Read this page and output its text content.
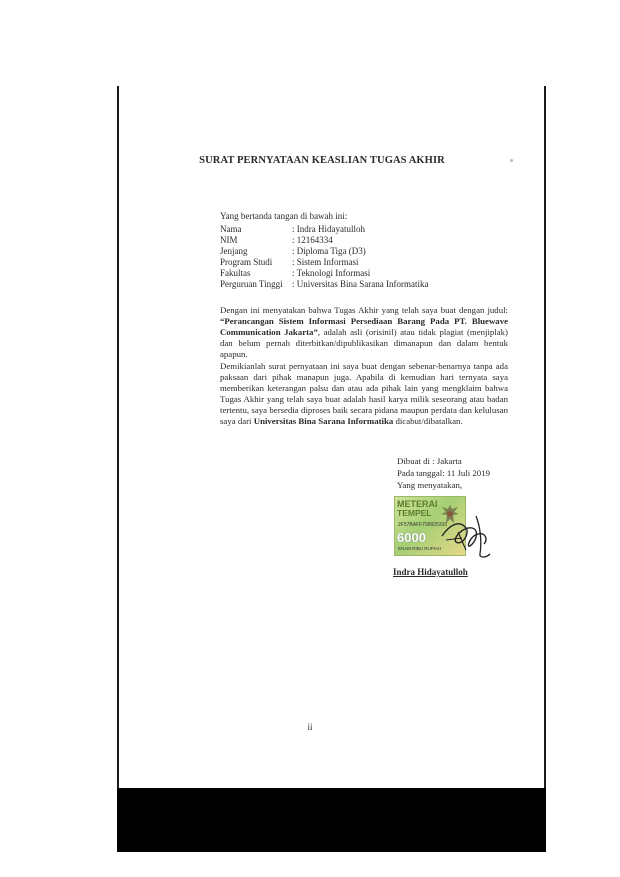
SURAT PERNYATAAN KEASLIAN TUGAS AKHIR
Yang bertanda tangan di bawah ini:
Nama	: Indra Hidayatulloh
NIM	: 12164334
Jenjang	: Diploma Tiga (D3)
Program Studi	: Sistem Informasi
Fakultas	: Teknologi Informasi
Perguruan Tinggi	: Universitas Bina Sarana Informatika
Dengan ini menyatakan bahwa Tugas Akhir yang telah saya buat dengan judul: “Perancangan Sistem Informasi Persediaan Barang Pada PT. Bluewave Communication Jakarta”, adalah asli (orisinil) atau tidak plagiat (menjiplak) dan belum pernah diterbitkan/dipublikasikan dimanapun dan dalam bentuk apapun.
Demikianlah surat pernyataan ini saya buat dengan sebenar-benarnya tanpa ada paksaan dari pihak manapun juga. Apabila di kemudian hari ternyata saya memberikan keterangan palsu dan atau ada pihak lain yang mengklaim bahwa Tugas Akhir yang telah saya buat adalah hasil karya milik seseorang atau badan tertentu, saya bersedia diproses baik secara pidana maupun perdata dan kelulusan saya dari Universitas Bina Sarana Informatika dicabut/dibatalkan.
Dibuat di : Jakarta
Pada tanggal: 11 Juli 2019
Yang menyatakan,
METERAI
TEMPEL
2F57BAFF799925310
6000
ENAM RIBU RUPIAH
Indra Hidayatulloh
ii
